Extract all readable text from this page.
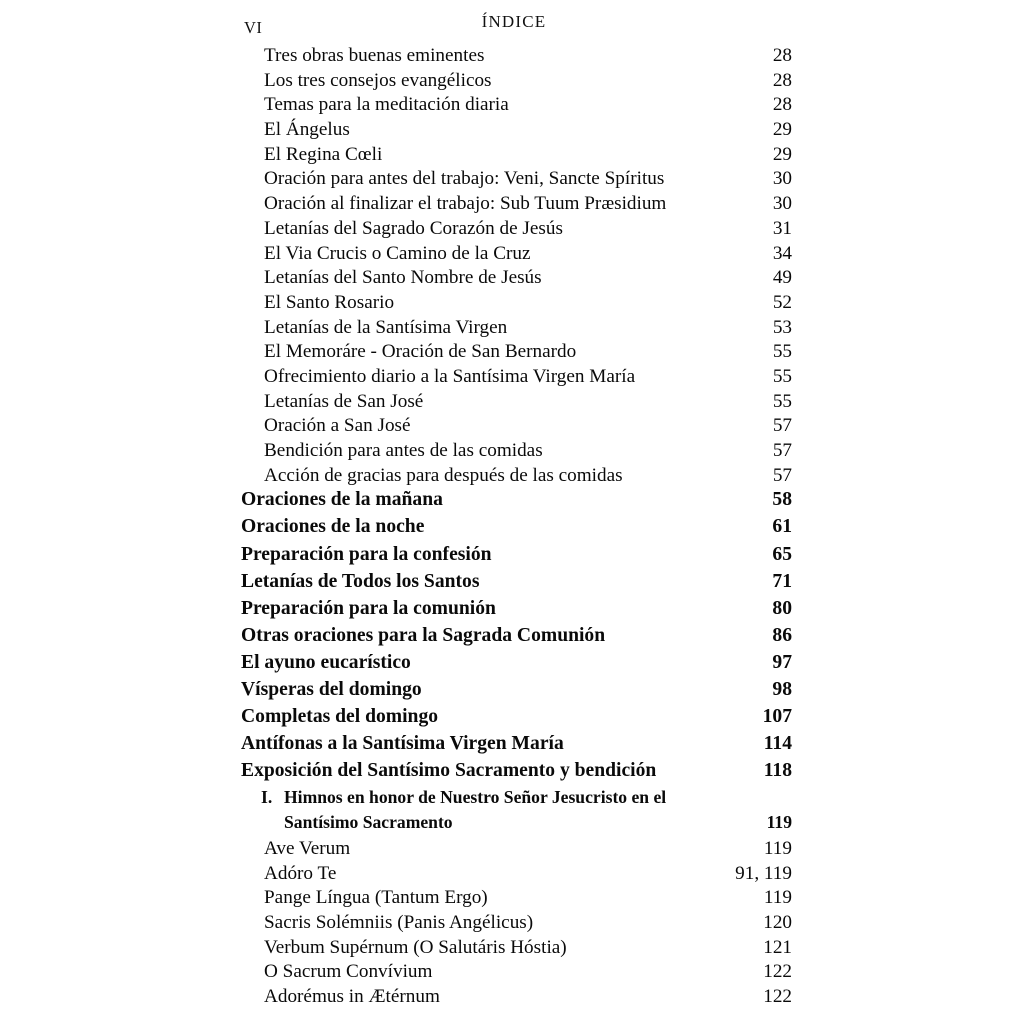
VI	ÍNDICE
Tres obras buenas eminentes	28
Los tres consejos evangélicos	28
Temas para la meditación diaria	28
El Ángelus	29
El Regina Cœli	29
Oración para antes del trabajo: Veni, Sancte Spíritus	30
Oración al finalizar el trabajo: Sub Tuum Præsidium	30
Letanías del Sagrado Corazón de Jesús	31
El Via Crucis o Camino de la Cruz	34
Letanías del Santo Nombre de Jesús	49
El Santo Rosario	52
Letanías de la Santísima Virgen	53
El Memoráre - Oración de San Bernardo	55
Ofrecimiento diario a la Santísima Virgen María	55
Letanías de San José	55
Oración a San José	57
Bendición para antes de las comidas	57
Acción de gracias para después de las comidas	57
Oraciones de la mañana	58
Oraciones de la noche	61
Preparación para la confesión	65
Letanías de Todos los Santos	71
Preparación para la comunión	80
Otras oraciones para la Sagrada Comunión	86
El ayuno eucarístico	97
Vísperas del domingo	98
Completas del domingo	107
Antífonas a la Santísima Virgen María	114
Exposición del Santísimo Sacramento y bendición	118
I. Himnos en honor de Nuestro Señor Jesucristo en el
Santísimo Sacramento	119
Ave Verum	119
Adóro Te	91, 119
Pange Língua (Tantum Ergo)	119
Sacris Solémniis (Panis Angélicus)	120
Verbum Supérnum (O Salutáris Hóstia)	121
O Sacrum Convívium	122
Adorémus in Ætérnum	122
